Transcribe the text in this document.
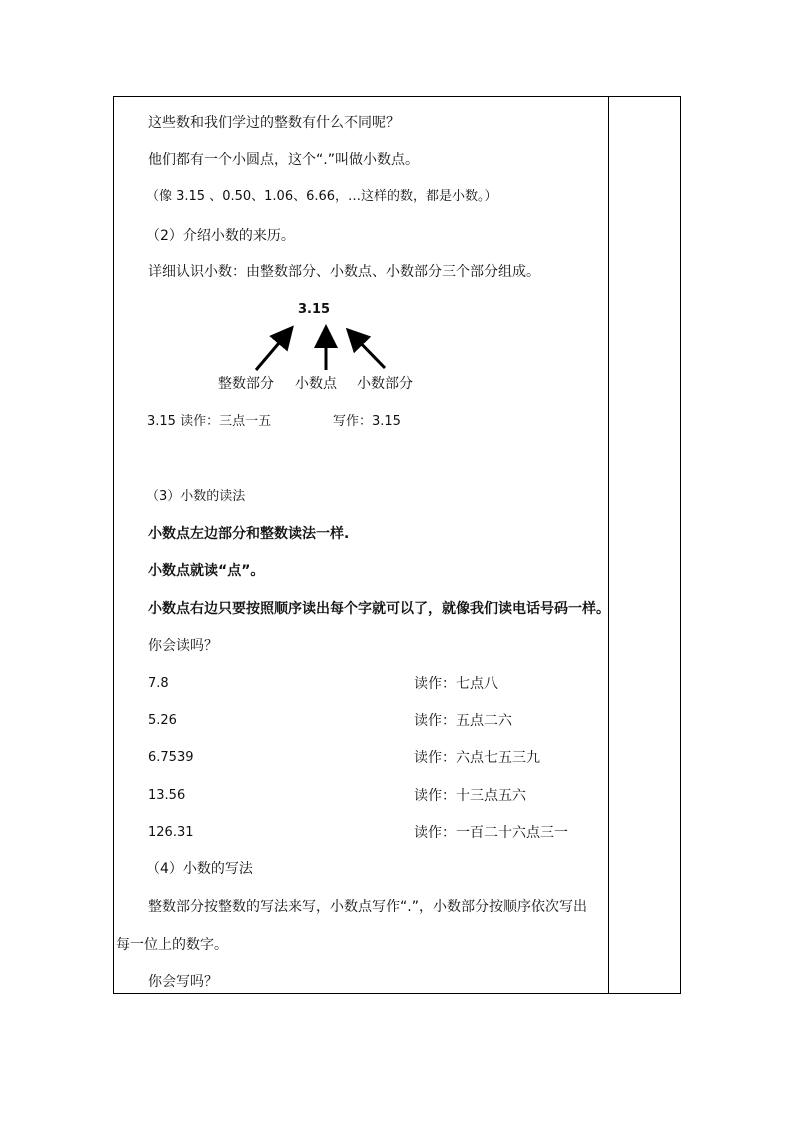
这些数和我们学过的整数有什么不同呢？
他们都有一个小圆点，这个“.”叫做小数点。
（像 3.15 、0.50、1.06、6.66，…这样的数，都是小数。）
（2）介绍小数的来历。
详细认识小数：由整数部分、小数点、小数部分三个部分组成。
3.15
整数部分 小数点 小数部分
3.15 读作：三点一五	写作：3.15
（3）小数的读法
小数点左边部分和整数读法一样.
小数点就读“点”。
小数点右边只要按照顺序读出每个字就可以了，就像我们读电话号码一样。
你会读吗？
7.8	读作：七点八
5.26	读作：五点二六
6.7539	读作：六点七五三九
13.56	读作：十三点五六
126.31	读作：一百二十六点三一
（4）小数的写法
整数部分按整数的写法来写，小数点写作“.”，小数部分按顺序依次写出
每一位上的数字。
你会写吗？
